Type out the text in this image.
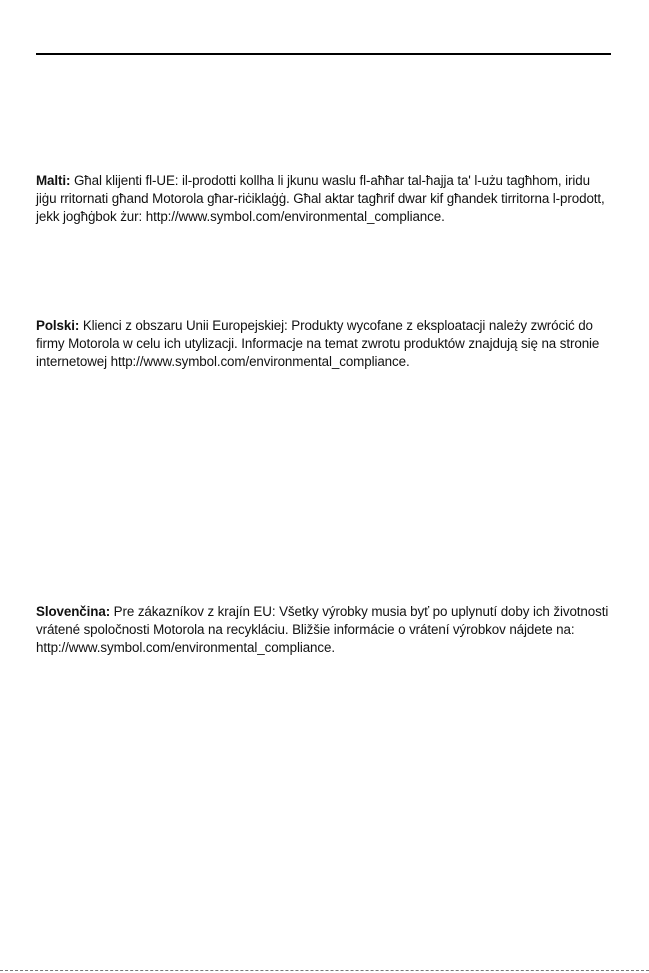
Malti: Għal klijenti fl-UE: il-prodotti kollha li jkunu waslu fl-aħħar tal-ħajja ta' l-użu tagħhom, iridu jiġu rritornati għand Motorola għar-riċiklaġġ. Għal aktar tagħrif dwar kif għandek tirritorna l-prodott, jekk jogħġbok żur: http://www.symbol.com/environmental_compliance.

Polski: Klienci z obszaru Unii Europejskiej: Produkty wycofane z eksploatacji należy zwrócić do firmy Motorola w celu ich utylizacji. Informacje na temat zwrotu produktów znajdują się na stronie internetowej http://www.symbol.com/environmental_compliance.

Slovenčina: Pre zákazníkov z krajín EU: Všetky výrobky musia byť po uplynutí doby ich životnosti vrátené spoločnosti Motorola na recykláciu. Bližšie informácie o vrátení výrobkov nájdete na: http://www.symbol.com/environmental_compliance.
